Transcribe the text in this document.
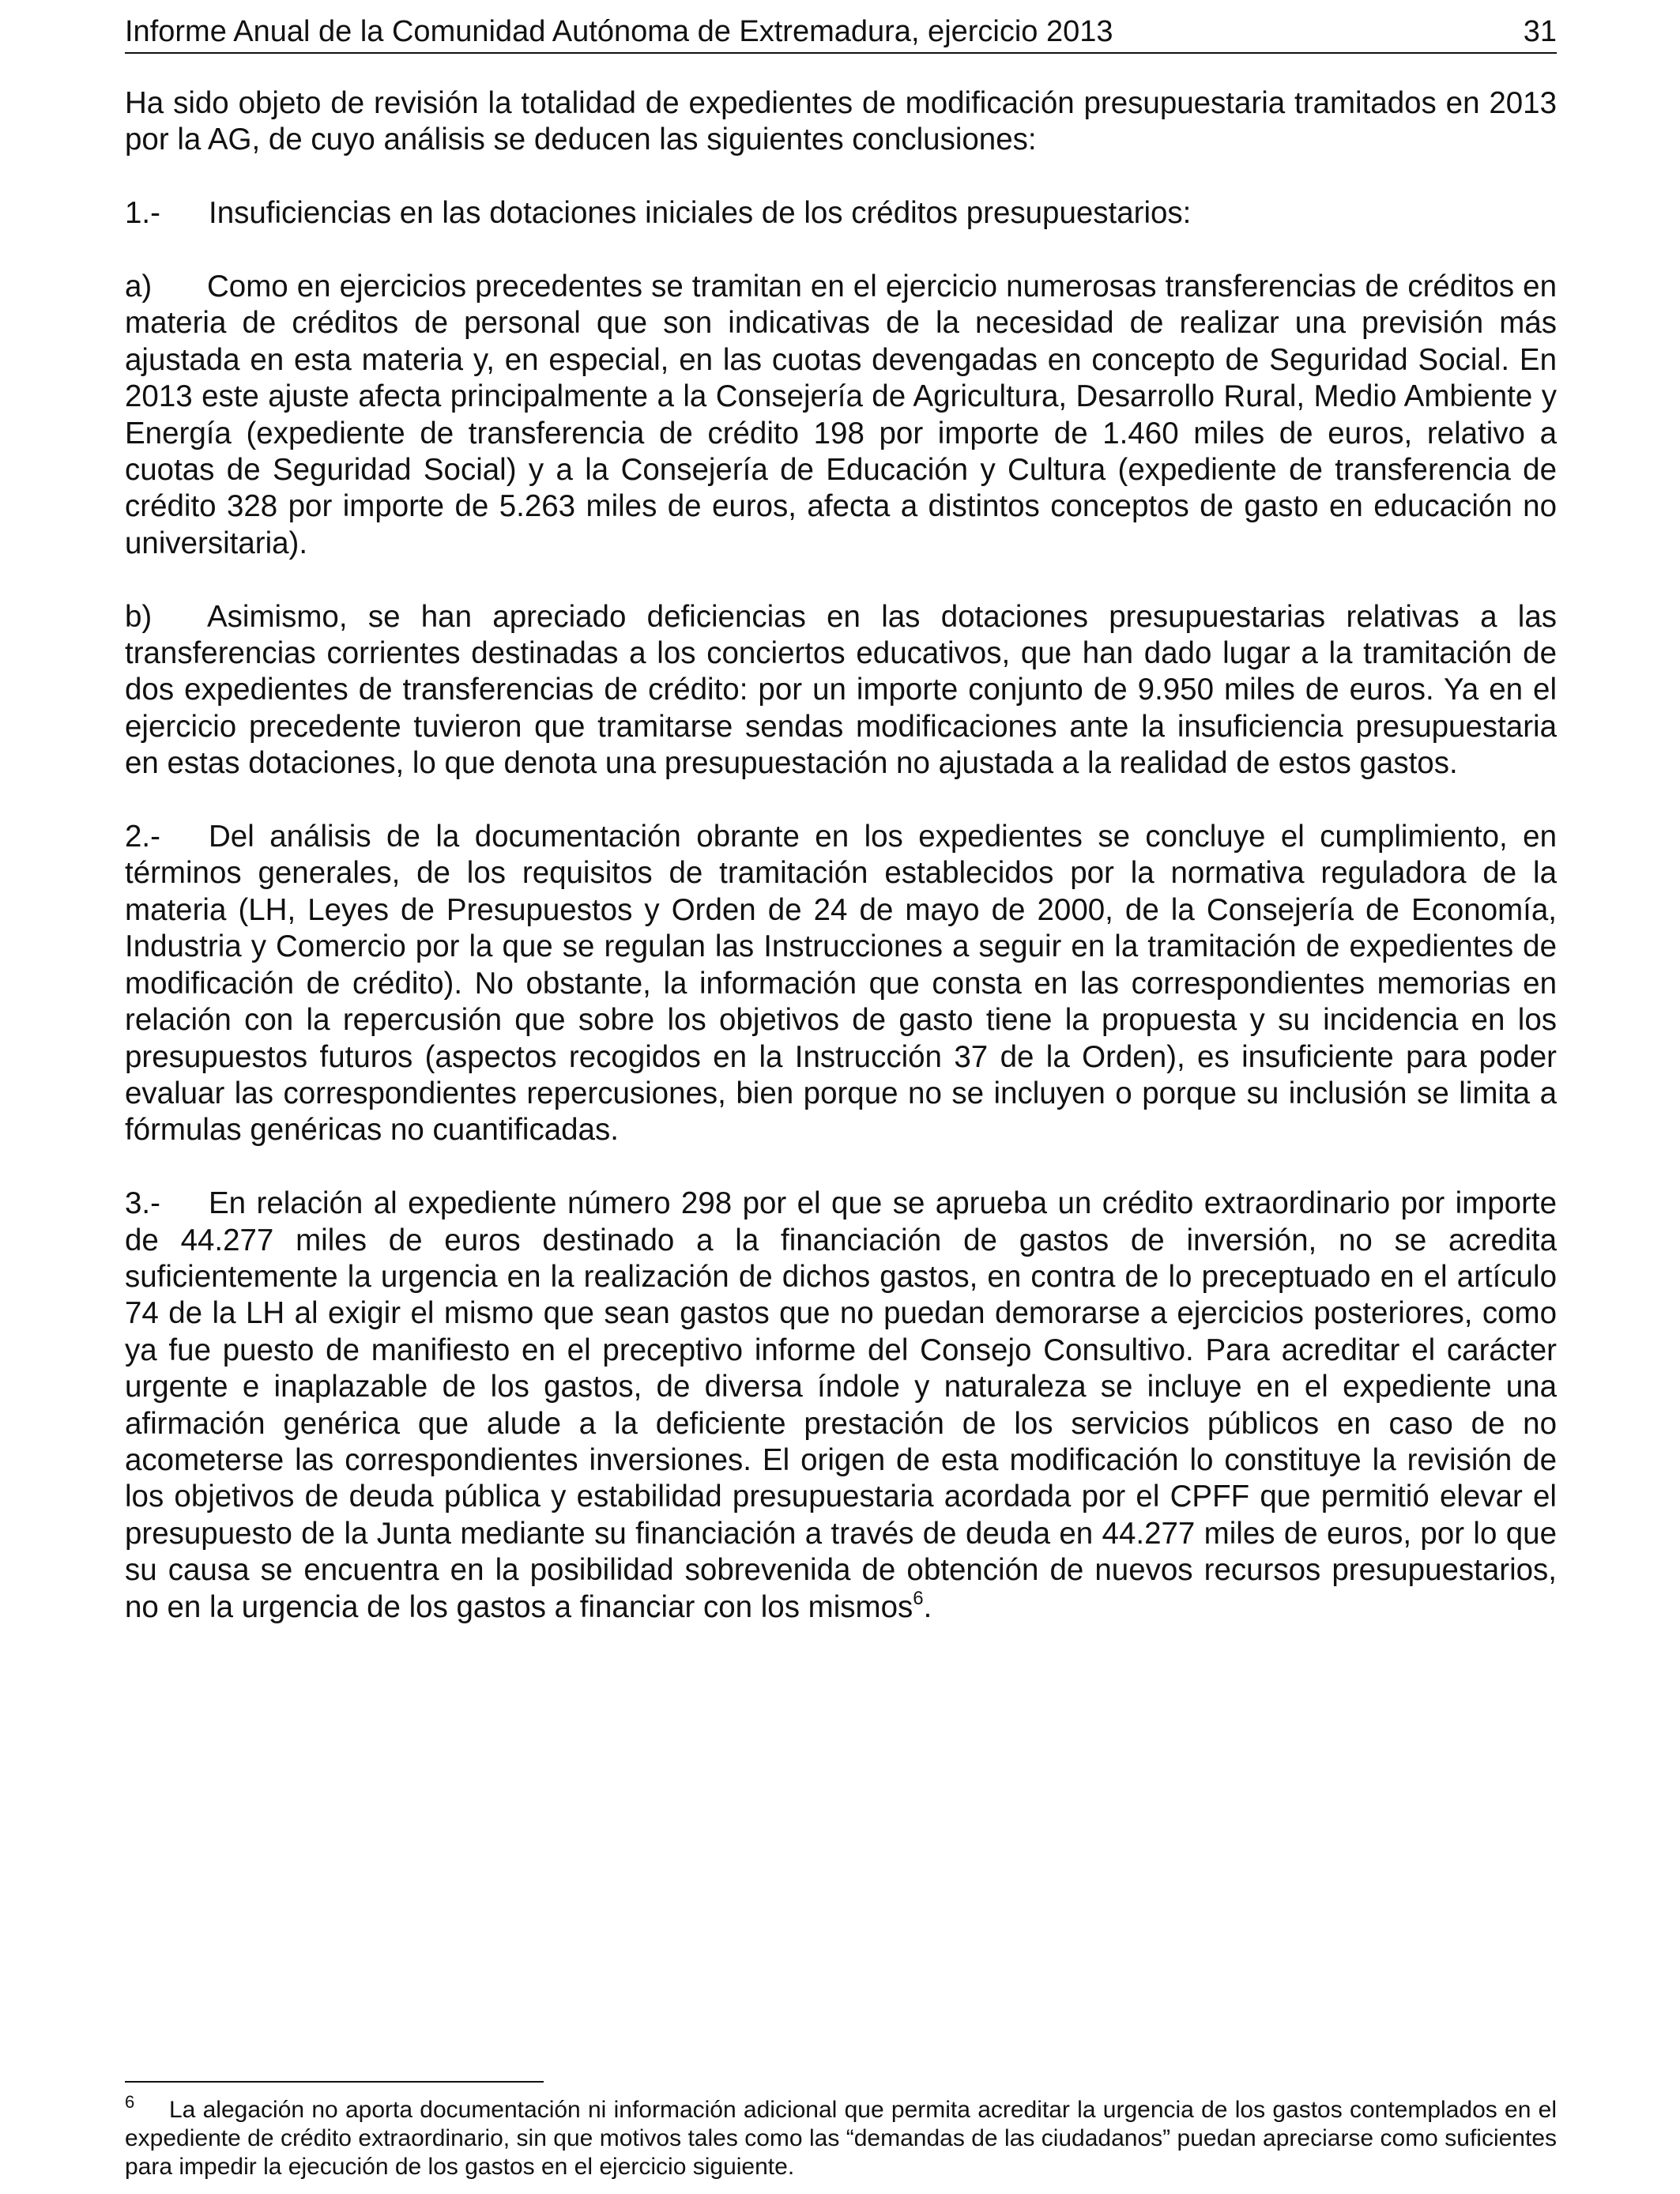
Informe Anual de la Comunidad Autónoma de Extremadura, ejercicio 2013	31

Ha sido objeto de revisión la totalidad de expedientes de modificación presupuestaria tramitados en 2013 por la AG, de cuyo análisis se deducen las siguientes conclusiones:

1.- Insuficiencias en las dotaciones iniciales de los créditos presupuestarios:

a) Como en ejercicios precedentes se tramitan en el ejercicio numerosas transferencias de créditos en materia de créditos de personal que son indicativas de la necesidad de realizar una previsión más ajustada en esta materia y, en especial, en las cuotas devengadas en concepto de Seguridad Social. En 2013 este ajuste afecta principalmente a la Consejería de Agricultura, Desarrollo Rural, Medio Ambiente y Energía (expediente de transferencia de crédito 198 por importe de 1.460 miles de euros, relativo a cuotas de Seguridad Social) y a la Consejería de Educación y Cultura (expediente de transferencia de crédito 328 por importe de 5.263 miles de euros, afecta a distintos conceptos de gasto en educación no universitaria).

b) Asimismo, se han apreciado deficiencias en las dotaciones presupuestarias relativas a las transferencias corrientes destinadas a los conciertos educativos, que han dado lugar a la tramitación de dos expedientes de transferencias de crédito: por un importe conjunto de 9.950 miles de euros. Ya en el ejercicio precedente tuvieron que tramitarse sendas modificaciones ante la insuficiencia presupuestaria en estas dotaciones, lo que denota una presupuestación no ajustada a la realidad de estos gastos.

2.- Del análisis de la documentación obrante en los expedientes se concluye el cumplimiento, en términos generales, de los requisitos de tramitación establecidos por la normativa reguladora de la materia (LH, Leyes de Presupuestos y Orden de 24 de mayo de 2000, de la Consejería de Economía, Industria y Comercio por la que se regulan las Instrucciones a seguir en la tramitación de expedientes de modificación de crédito). No obstante, la información que consta en las correspondientes memorias en relación con la repercusión que sobre los objetivos de gasto tiene la propuesta y su incidencia en los presupuestos futuros (aspectos recogidos en la Instrucción 37 de la Orden), es insuficiente para poder evaluar las correspondientes repercusiones, bien porque no se incluyen o porque su inclusión se limita a fórmulas genéricas no cuantificadas.

3.- En relación al expediente número 298 por el que se aprueba un crédito extraordinario por importe de 44.277 miles de euros destinado a la financiación de gastos de inversión, no se acredita suficientemente la urgencia en la realización de dichos gastos, en contra de lo preceptuado en el artículo 74 de la LH al exigir el mismo que sean gastos que no puedan demorarse a ejercicios posteriores, como ya fue puesto de manifiesto en el preceptivo informe del Consejo Consultivo. Para acreditar el carácter urgente e inaplazable de los gastos, de diversa índole y naturaleza se incluye en el expediente una afirmación genérica que alude a la deficiente prestación de los servicios públicos en caso de no acometerse las correspondientes inversiones. El origen de esta modificación lo constituye la revisión de los objetivos de deuda pública y estabilidad presupuestaria acordada por el CPFF que permitió elevar el presupuesto de la Junta mediante su financiación a través de deuda en 44.277 miles de euros, por lo que su causa se encuentra en la posibilidad sobrevenida de obtención de nuevos recursos presupuestarios, no en la urgencia de los gastos a financiar con los mismos$^6$.

6 La alegación no aporta documentación ni información adicional que permita acreditar la urgencia de los gastos contemplados en el expediente de crédito extraordinario, sin que motivos tales como las “demandas de las ciudadanos” puedan apreciarse como suficientes para impedir la ejecución de los gastos en el ejercicio siguiente.
